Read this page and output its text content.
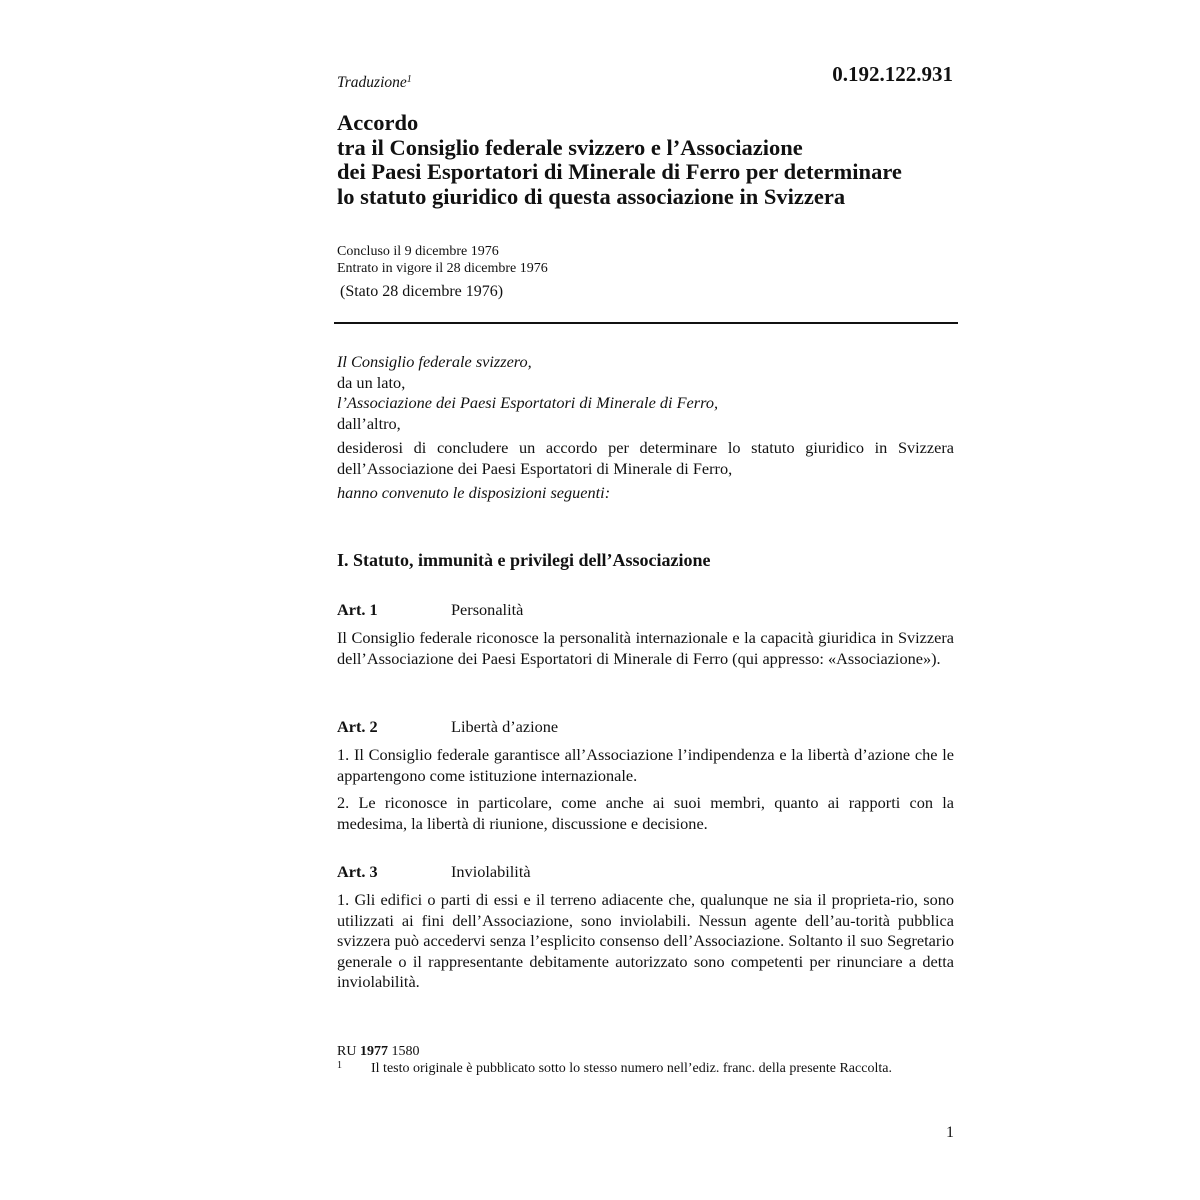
Traduzione$^1$	0.192.122.931
Accordo
tra il Consiglio federale svizzero e l’Associazione
dei Paesi Esportatori di Minerale di Ferro per determinare
lo statuto giuridico di questa associazione in Svizzera
Concluso il 9 dicembre 1976
Entrato in vigore il 28 dicembre 1976
(Stato 28 dicembre 1976)

Il Consiglio federale svizzero,

da un lato,

l’Associazione dei Paesi Esportatori di Minerale di Ferro,

dall’altro,

desiderosi di concludere un accordo per determinare lo statuto giuridico in Svizzera dell’Associazione dei Paesi Esportatori di Minerale di Ferro,

hanno convenuto le disposizioni seguenti:

I. Statuto, immunità e privilegi dell’Associazione
Art. 1	Personalità
Il Consiglio federale riconosce la personalità internazionale e la capacità giuridica in Svizzera dell’Associazione dei Paesi Esportatori di Minerale di Ferro (qui appresso: «Associazione»).
Art. 2	Libertà d’azione
1. Il Consiglio federale garantisce all’Associazione l’indipendenza e la libertà d’azione che le appartengono come istituzione internazionale.
2. Le riconosce in particolare, come anche ai suoi membri, quanto ai rapporti con la medesima, la libertà di riunione, discussione e decisione.
Art. 3	Inviolabilità
1. Gli edifici o parti di essi e il terreno adiacente che, qualunque ne sia il proprieta-rio, sono utilizzati ai fini dell’Associazione, sono inviolabili. Nessun agente dell’au-torità pubblica svizzera può accedervi senza l’esplicito consenso dell’Associazione. Soltanto il suo Segretario generale o il rappresentante debitamente autorizzato sono competenti per rinunciare a detta inviolabilità.
RU 1977 1580
1 Il testo originale è pubblicato sotto lo stesso numero nell’ediz. franc. della presente Raccolta.
1
